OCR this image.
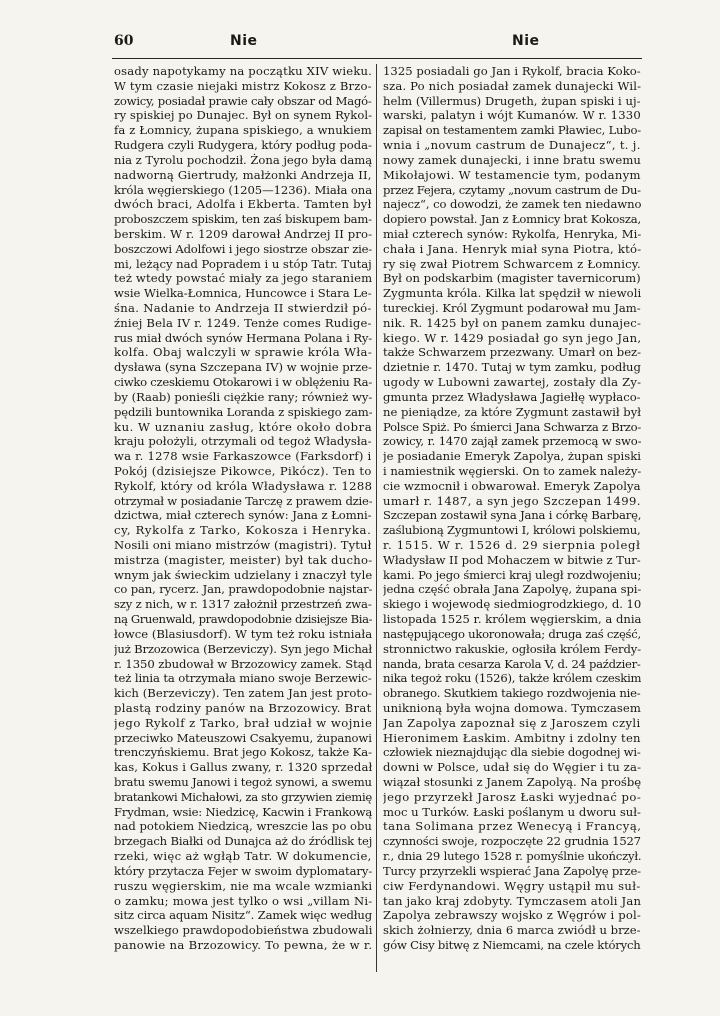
60	Nie	Nie
osady napotykamy na początku XIV wieku.
W tym czasie niejaki mistrz Kokosz z Brzo-
zowicy, posiadał prawie cały obszar od Magó-
ry spiskiej po Dunajec. Był on synem Rykol-
fa z Łomnicy, żupana spiskiego, a wnukiem
Rudgera czyli Rudygera, który podług poda-
nia z Tyrolu pochodził. Żona jego była damą
nadworną Giertrudy, małżonki Andrzeja II,
króla węgierskiego (1205—1236). Miała ona
dwóch braci, Adolfa i Ekberta. Tamten był
proboszczem spiskim, ten zaś biskupem bam-
berskim. W r. 1209 darował Andrzej II pro-
boszczowi Adolfowi i jego siostrze obszar zie-
mi, leżący nad Popradem i u stóp Tatr. Tutaj
też wtedy powstać miały za jego staraniem
wsie Wielka-Łomnica, Huncowce i Stara Le-
śna. Nadanie to Andrzeja II stwierdził pó-
źniej Bela IV r. 1249. Tenże comes Rudige-
rus miał dwóch synów Hermana Polana i Ry-
kolfa. Obaj walczyli w sprawie króla Wła-
dysława (syna Szczepana IV) w wojnie prze-
ciwko czeskiemu Otokarowi i w oblężeniu Ra-
by (Raab) ponieśli ciężkie rany; również wy-
pędzili buntownika Loranda z spiskiego zam-
ku. W uznaniu zasług, które około dobra
kraju położyli, otrzymali od tegoż Władysła-
wa r. 1278 wsie Farkaszowce (Farksdorf) i
Pokój (dzisiejsze Pikowce, Pikócz). Ten to
Rykolf, który od króla Władysława r. 1288
otrzymał w posiadanie Tarczę z prawem dzie-
dzictwa, miał czterech synów: Jana z Łomni-
cy, Rykolfa z Tarko, Kokosza i Henryka.
Nosili oni miano mistrzów (magistri). Tytuł
mistrza (magister, meister) był tak ducho-
wnym jak świeckim udzielany i znaczył tyle
co pan, rycerz. Jan, prawdopodobnie najstar-
szy z nich, w r. 1317 założnił przestrzeń zwa-
ną Gruenwald, prawdopodobnie dzisiejsze Bia-
łowce (Blasiusdorf). W tym też roku istniała
już Brzozowica (Berzeviczy). Syn jego Michał
r. 1350 zbudował w Brzozowicy zamek. Stąd
też linia ta otrzymała miano swoje Berzewic-
kich (Berzeviczy). Ten zatem Jan jest proto-
plastą rodziny panów na Brzozowicy. Brat
jego Rykolf z Tarko, brał udział w wojnie
przeciwko Mateuszowi Csakyemu, żupanowi
trenczyńskiemu. Brat jego Kokosz, także Ka-
kas, Kokus i Gallus zwany, r. 1320 sprzedał
bratu swemu Janowi i tegoż synowi, a swemu
bratankowi Michałowi, za sto grzywien ziemię
Frydman, wsie: Niedzicę, Kacwin i Frankową
nad potokiem Niedzicą, wreszcie las po obu
brzegach Białki od Dunajca aż do źródlisk tej
rzeki, więc aż wgłąb Tatr. W dokumencie,
który przytacza Fejer w swoim dyplomatary-
ruszu węgierskim, nie ma wcale wzmianki
o zamku; mowa jest tylko o wsi „villam Ni-
sitz circa aquam Nisitz“. Zamek więc według
wszelkiego prawdopodobieństwa zbudowali
panowie na Brzozowicy. To pewna, że w r.
1325 posiadali go Jan i Rykolf, bracia Koko-
sza. Po nich posiadał zamek dunajecki Wil-
helm (Villermus) Drugeth, żupan spiski i uj-
warski, palatyn i wójt Kumanów. W r. 1330
zapisał on testamentem zamki Pławiec, Lubo-
wnia i „novum castrum de Dunajecz“, t. j.
nowy zamek dunajecki, i inne bratu swemu
Mikołajowi. W testamencie tym, podanym
przez Fejera, czytamy „novum castrum de Du-
najecz“, co dowodzi, że zamek ten niedawno
dopiero powstał. Jan z Łomnicy brat Kokosza,
miał czterech synów: Rykolfa, Henryka, Mi-
chała i Jana. Henryk miał syna Piotra, któ-
ry się zwał Piotrem Schwarcem z Łomnicy.
Był on podskarbim (magister tavernicorum)
Zygmunta króla. Kilka lat spędził w niewoli
tureckiej. Król Zygmunt podarował mu Jam-
nik. R. 1425 był on panem zamku dunajec-
kiego. W r. 1429 posiadał go syn jego Jan,
także Schwarzem przezwany. Umarł on bez-
dzietnie r. 1470. Tutaj w tym zamku, podług
ugody w Lubowni zawartej, zostały dla Zy-
gmunta przez Władysława Jagiełłę wypłaco-
ne pieniądze, za które Zygmunt zastawił był
Polsce Spiż. Po śmierci Jana Schwarza z Brzo-
zowicy, r. 1470 zajął zamek przemocą w swo-
je posiadanie Emeryk Zapolya, żupan spiski
i namiestnik węgierski. On to zamek należy-
cie wzmocnił i obwarował. Emeryk Zapolya
umarł r. 1487, a syn jego Szczepan 1499.
Szczepan zostawił syna Jana i córkę Barbarę,
zaślubioną Zygmuntowi I, królowi polskiemu,
r. 1515. W r. 1526 d. 29 sierpnia poległ
Władysław II pod Mohaczem w bitwie z Tur-
kami. Po jego śmierci kraj uległ rozdwojeniu;
jedna część obrała Jana Zapolyę, żupana spi-
skiego i wojewodę siedmiogrodzkiego, d. 10
listopada 1525 r. królem węgierskim, a dnia
następującego ukoronowała; druga zaś część,
stronnictwo rakuskie, ogłosiła królem Ferdy-
nanda, brata cesarza Karola V, d. 24 paździer-
nika tegoż roku (1526), także królem czeskim
obranego. Skutkiem takiego rozdwojenia nie-
uniknioną była wojna domowa. Tymczasem
Jan Zapolya zapoznał się z Jaroszem czyli
Hieronimem Łaskim. Ambitny i zdolny ten
człowiek nieznajdując dla siebie dogodnej wi-
downi w Polsce, udał się do Węgier i tu za-
wiązał stosunki z Janem Zapolyą. Na prośbę
jego przyrzekł Jarosz Łaski wyjednać po-
moc u Turków. Łaski poślanym u dworu suł-
tana Solimana przez Wenecyą i Francyą,
czynności swoje, rozpoczęte 22 grudnia 1527
r., dnia 29 lutego 1528 r. pomyślnie ukończył.
Turcy przyrzekli wspierać Jana Zapolyę prze-
ciw Ferdynandowi. Węgry ustąpił mu suł-
tan jako kraj zdobyty. Tymczasem atoli Jan
Zapolya zebrawszy wojsko z Węgrów i pol-
skich żołnierzy, dnia 6 marca zwiódł u brze-
gów Cisy bitwę z Niemcami, na czele których
